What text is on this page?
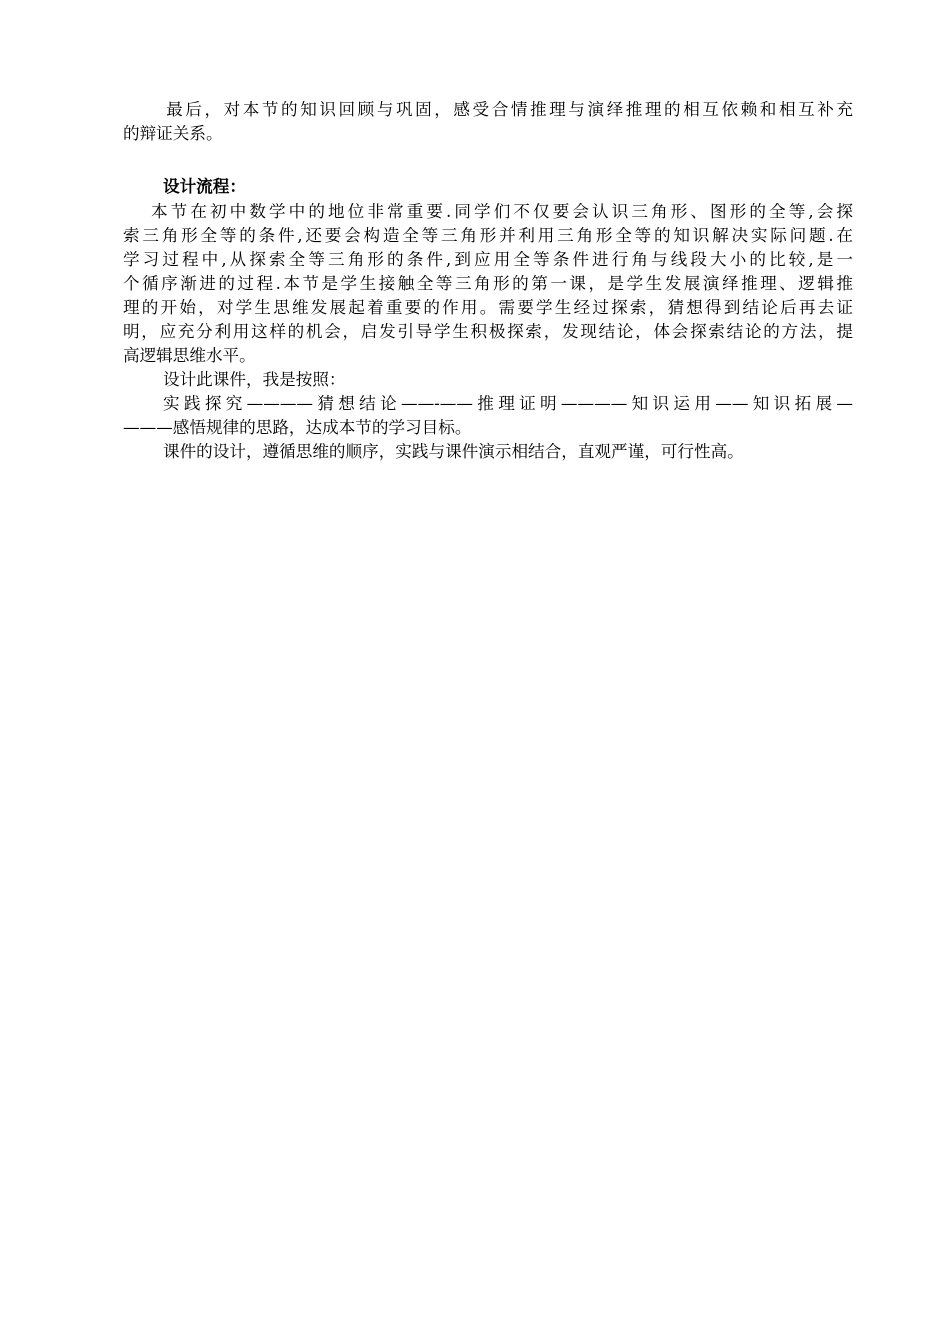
　最后，对本节的知识回顾与巩固，感受合情推理与演绎推理的相互依赖和相互补充
的辩证关系。
设计流程：
本节在初中数学中的地位非常重要.同学们不仅要会认识三角形、图形的全等,会探
索三角形全等的条件,还要会构造全等三角形并利用三角形全等的知识解决实际问题.在
学习过程中,从探索全等三角形的条件,到应用全等条件进行角与线段大小的比较,是一
个循序渐进的过程.本节是学生接触全等三角形的第一课，是学生发展演绎推理、逻辑推
理的开始，对学生思维发展起着重要的作用。需要学生经过探索，猜想得到结论后再去证
明，应充分利用这样的机会，启发引导学生积极探索，发现结论，体会探索结论的方法，提
高逻辑思维水平。
设计此课件，我是按照：
实践探究————猜想结论——-——推理证明————知识运用——知识拓展—
———感悟规律的思路，达成本节的学习目标。
课件的设计，遵循思维的顺序，实践与课件演示相结合，直观严谨，可行性高。
